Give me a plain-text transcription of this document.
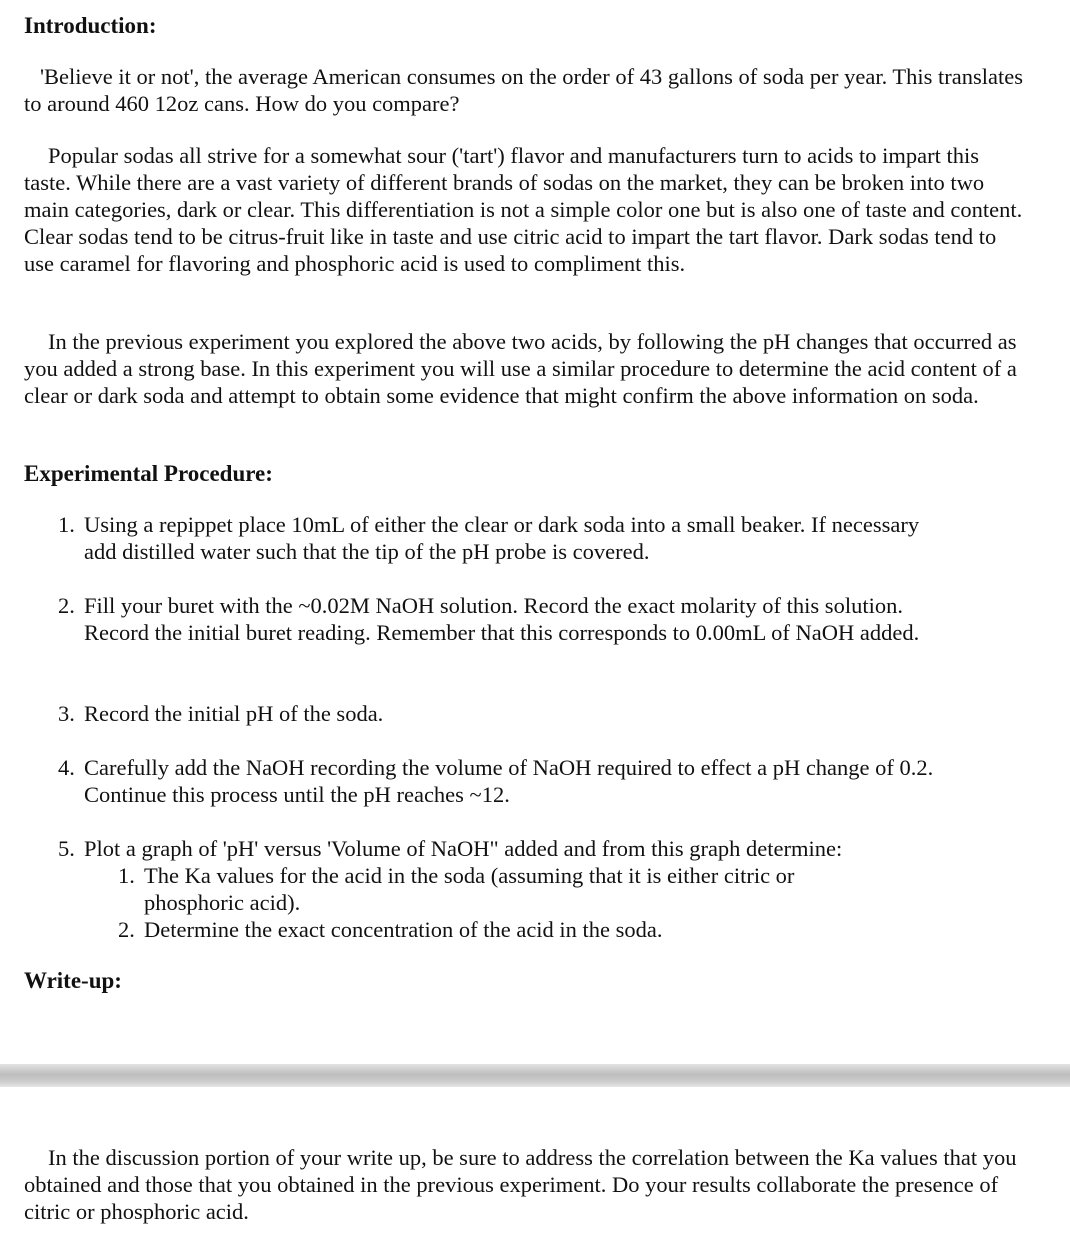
Introduction:

'Believe it or not', the average American consumes on the order of 43 gallons of soda per year. This translates to around 460 12oz cans. How do you compare?

Popular sodas all strive for a somewhat sour ('tart') flavor and manufacturers turn to acids to impart this taste. While there are a vast variety of different brands of sodas on the market, they can be broken into two main categories, dark or clear. This differentiation is not a simple color one but is also one of taste and content. Clear sodas tend to be citrus-fruit like in taste and use citric acid to impart the tart flavor. Dark sodas tend to use caramel for flavoring and phosphoric acid is used to compliment this.

In the previous experiment you explored the above two acids, by following the pH changes that occurred as you added a strong base. In this experiment you will use a similar procedure to determine the acid content of a clear or dark soda and attempt to obtain some evidence that might confirm the above information on soda.

Experimental Procedure:
1. Using a repippet place 10mL of either the clear or dark soda into a small beaker. If necessary add distilled water such that the tip of the pH probe is covered.
2. Fill your buret with the ~0.02M NaOH solution. Record the exact molarity of this solution. Record the initial buret reading. Remember that this corresponds to 0.00mL of NaOH added.
3. Record the initial pH of the soda.
4. Carefully add the NaOH recording the volume of NaOH required to effect a pH change of 0.2. Continue this process until the pH reaches ~12.
5. Plot a graph of 'pH' versus 'Volume of NaOH" added and from this graph determine:
1. The Ka values for the acid in the soda (assuming that it is either citric or phosphoric acid).
2. Determine the exact concentration of the acid in the soda.
Write-up:

In the discussion portion of your write up, be sure to address the correlation between the Ka values that you obtained and those that you obtained in the previous experiment. Do your results collaborate the presence of citric or phosphoric acid.
